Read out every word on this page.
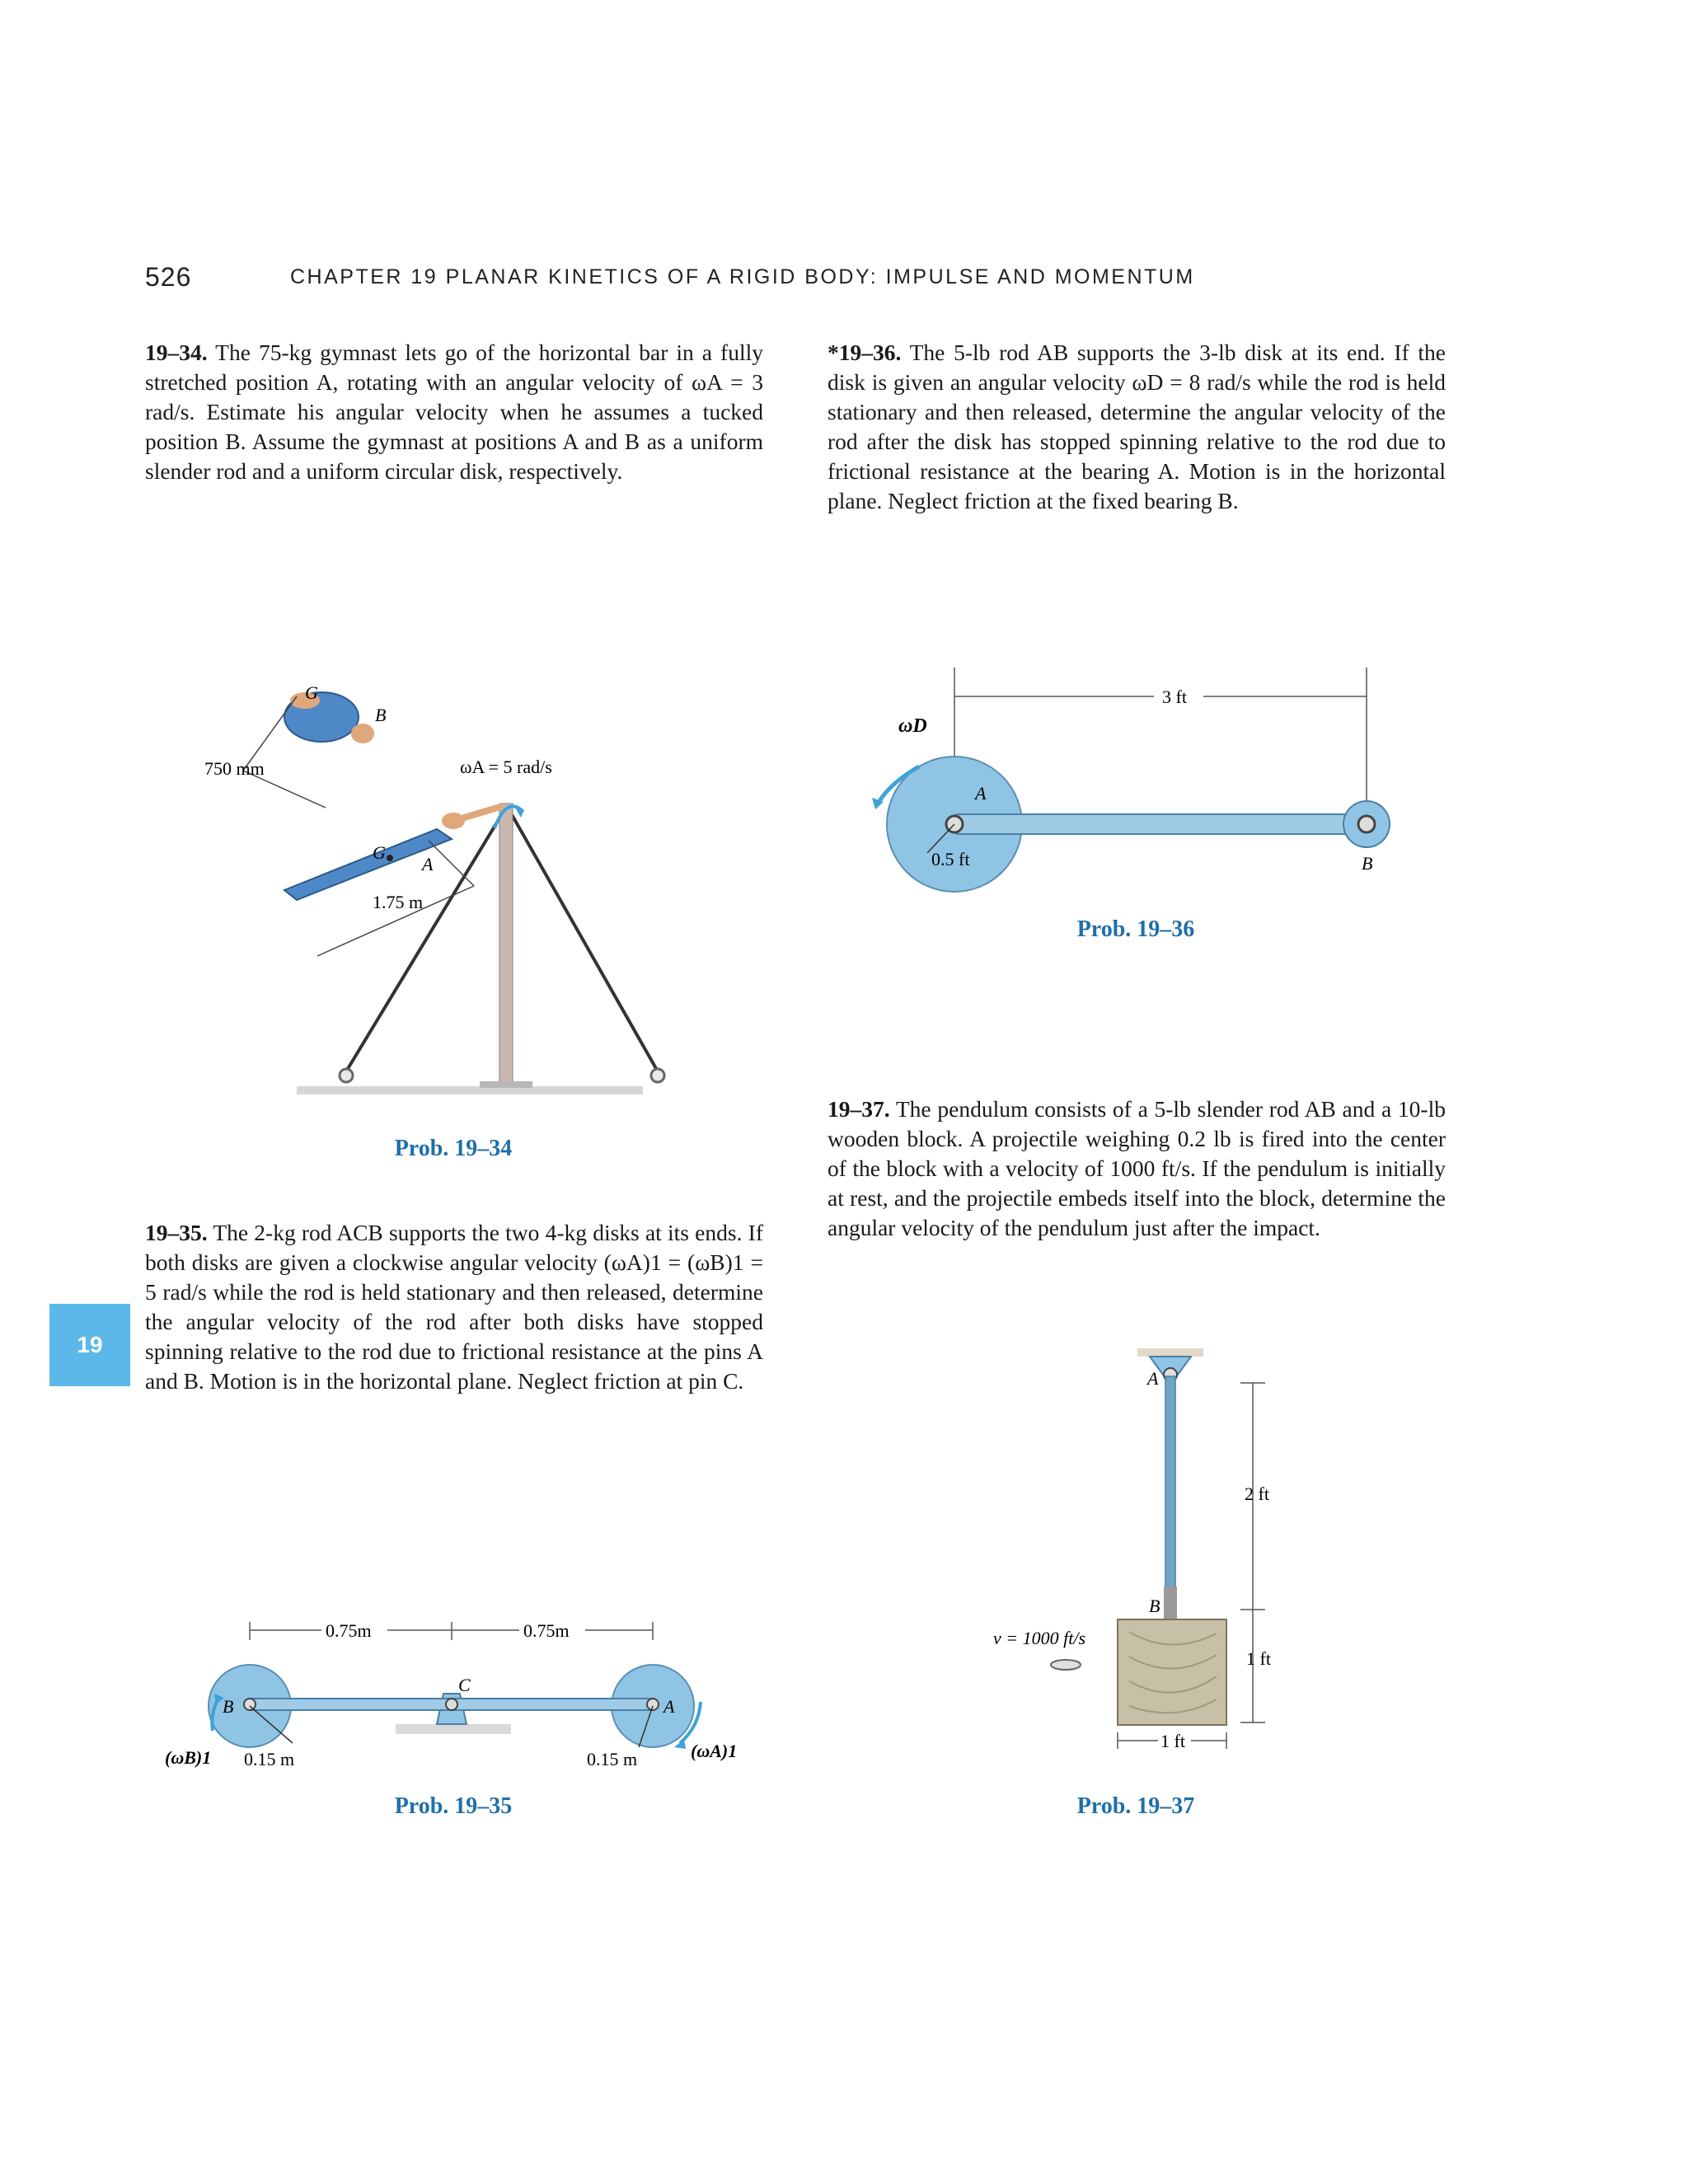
526	CHAPTER 19 PLANAR KINETICS OF A RIGID BODY: IMPULSE AND MOMENTUM
19–34. The 75-kg gymnast lets go of the horizontal bar in a fully stretched position A, rotating with an angular velocity of ωA = 3 rad/s. Estimate his angular velocity when he assumes a tucked position B. Assume the gymnast at positions A and B as a uniform slender rod and a uniform circular disk, respectively.
*19–36. The 5-lb rod AB supports the 3-lb disk at its end. If the disk is given an angular velocity ωD = 8 rad/s while the rod is held stationary and then released, determine the angular velocity of the rod after the disk has stopped spinning relative to the rod due to frictional resistance at the bearing A. Motion is in the horizontal plane. Neglect friction at the fixed bearing B.
B
G
G
A
750 mm
1.75 m
ωA = 5 rad/s
Prob. 19–34
3 ft
ωD
A
B
0.5 ft
Prob. 19–36
19–37. The pendulum consists of a 5-lb slender rod AB and a 10-lb wooden block. A projectile weighing 0.2 lb is fired into the center of the block with a velocity of 1000 ft/s. If the pendulum is initially at rest, and the projectile embeds itself into the block, determine the angular velocity of the pendulum just after the impact.
19
19–35. The 2-kg rod ACB supports the two 4-kg disks at its ends. If both disks are given a clockwise angular velocity (ωA)1 = (ωB)1 = 5 rad/s while the rod is held stationary and then released, determine the angular velocity of the rod after both disks have stopped spinning relative to the rod due to frictional resistance at the pins A and B. Motion is in the horizontal plane. Neglect friction at pin C.
0.75m	0.75m
B
C
A
0.15 m	0.15 m
(ωB)1	(ωA)1
Prob. 19–35
A
B
2 ft
1 ft
1 ft
v = 1000 ft/s
Prob. 19–37
